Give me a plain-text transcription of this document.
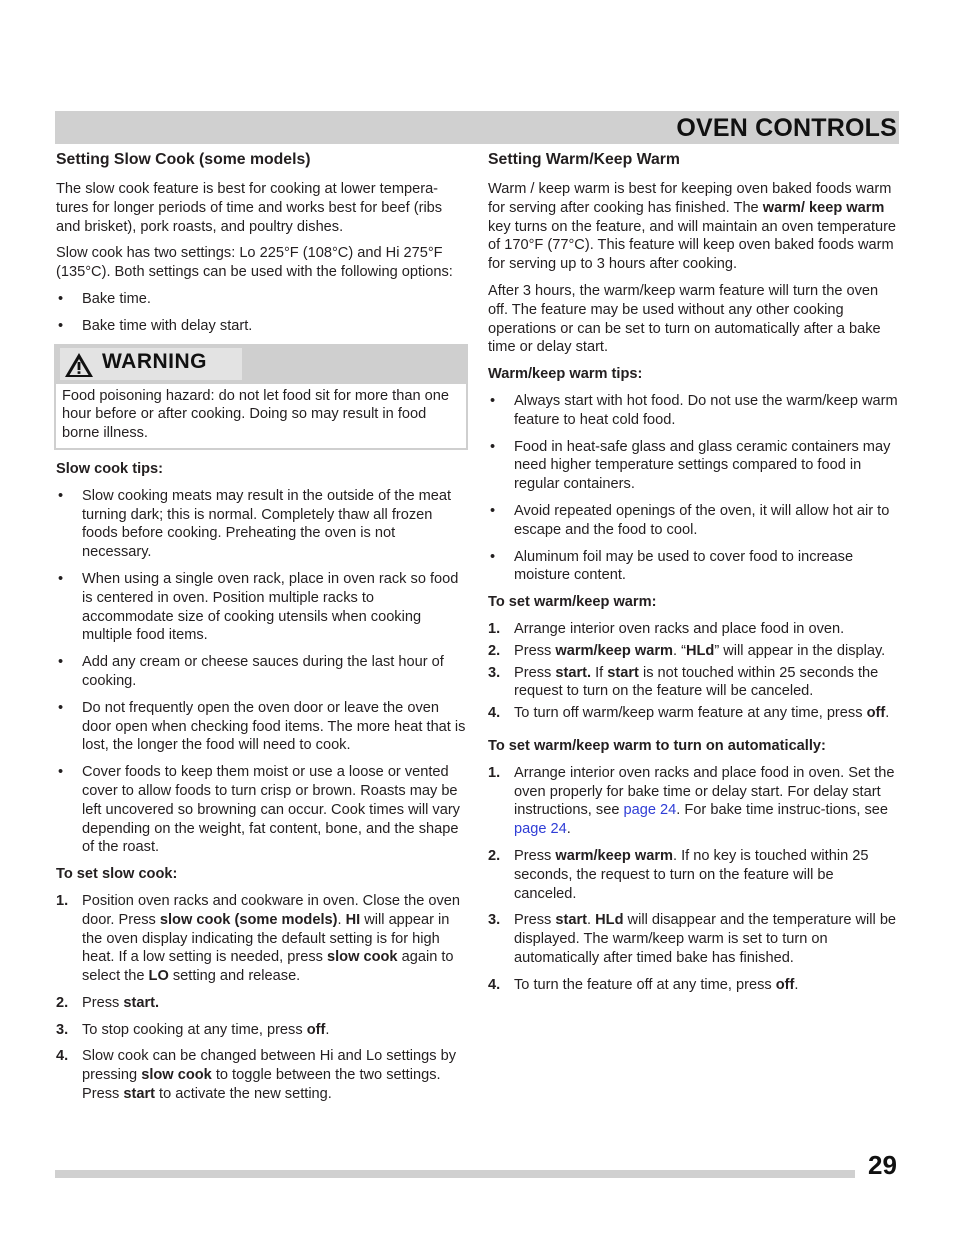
OVEN CONTROLS
Setting Slow Cook (some models)

The slow cook feature is best for cooking at lower tempera-tures for longer periods of time and works best for beef (ribs and brisket), pork roasts, and poultry dishes.

Slow cook has two settings: Lo 225°F (108°C) and Hi 275°F (135°C). Both settings can be used with the following options:

• Bake time.
• Bake time with delay start.
WARNING
Food poisoning hazard: do not let food sit for more than one hour before or after cooking. Doing so may result in food borne illness.
Slow cook tips:
• Slow cooking meats may result in the outside of the meat turning dark; this is normal. Completely thaw all frozen foods before cooking. Preheating the oven is not necessary.
• When using a single oven rack, place in oven rack so food is centered in oven. Position multiple racks to accommodate size of cooking utensils when cooking multiple food items.
• Add any cream or cheese sauces during the last hour of cooking.
• Do not frequently open the oven door or leave the oven door open when checking food items. The more heat that is lost, the longer the food will need to cook.
• Cover foods to keep them moist or use a loose or vented cover to allow foods to turn crisp or brown. Roasts may be left uncovered so browning can occur. Cook times will vary depending on the weight, fat content, bone, and the shape of the roast.
To set slow cook:
1. Position oven racks and cookware in oven. Close the oven door. Press slow cook (some models). HI will appear in the oven display indicating the default setting is for high heat. If a low setting is needed, press slow cook again to select the LO setting and release.
2. Press start.
3. To stop cooking at any time, press off.
4. Slow cook can be changed between Hi and Lo settings by pressing slow cook to toggle between the two settings. Press start to activate the new setting.
Setting Warm/Keep Warm

Warm / keep warm is best for keeping oven baked foods warm for serving after cooking has finished. The warm/ keep warm key turns on the feature, and will maintain an oven temperature of 170°F (77°C). This feature will keep oven baked foods warm for serving up to 3 hours after cooking.

After 3 hours, the warm/keep warm feature will turn the oven off. The feature may be used without any other cooking operations or can be set to turn on automatically after a bake time or delay start.

Warm/keep warm tips:
• Always start with hot food. Do not use the warm/keep warm feature to heat cold food.
• Food in heat-safe glass and glass ceramic containers may need higher temperature settings compared to food in regular containers.
• Avoid repeated openings of the oven, it will allow hot air to escape and the food to cool.
• Aluminum foil may be used to cover food to increase moisture content.
To set warm/keep warm:
1. Arrange interior oven racks and place food in oven.
2. Press warm/keep warm. “HLd” will appear in the display.
3. Press start. If start is not touched within 25 seconds the request to turn on the feature will be canceled.
4. To turn off warm/keep warm feature at any time, press off.
To set warm/keep warm to turn on automatically:
1. Arrange interior oven racks and place food in oven. Set the oven properly for bake time or delay start. For delay start instructions, see page 24. For bake time instruc-tions, see page 24.
2. Press warm/keep warm. If no key is touched within 25 seconds, the request to turn on the feature will be canceled.
3. Press start. HLd will disappear and the temperature will be displayed. The warm/keep warm is set to turn on automatically after timed bake has finished.
4. To turn the feature off at any time, press off.
29
